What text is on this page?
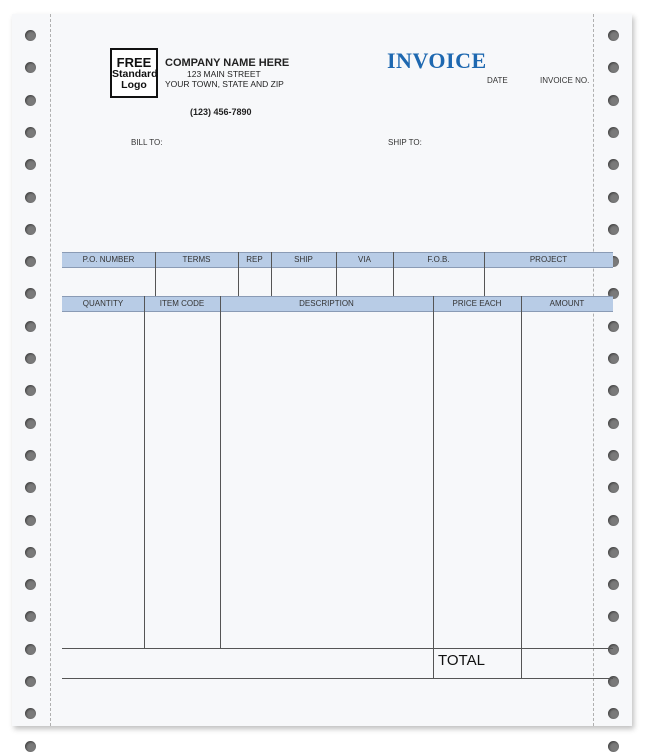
FREE
Standard
Logo
COMPANY NAME HERE
123 MAIN STREET
YOUR TOWN, STATE AND ZIP
(123) 456-7890
INVOICE
DATE	INVOICE NO.
BILL TO:	SHIP TO:
P.O. NUMBER	TERMS	REP	SHIP	VIA	F.O.B.	PROJECT
QUANTITY	ITEM CODE	DESCRIPTION	PRICE EACH	AMOUNT
TOTAL
